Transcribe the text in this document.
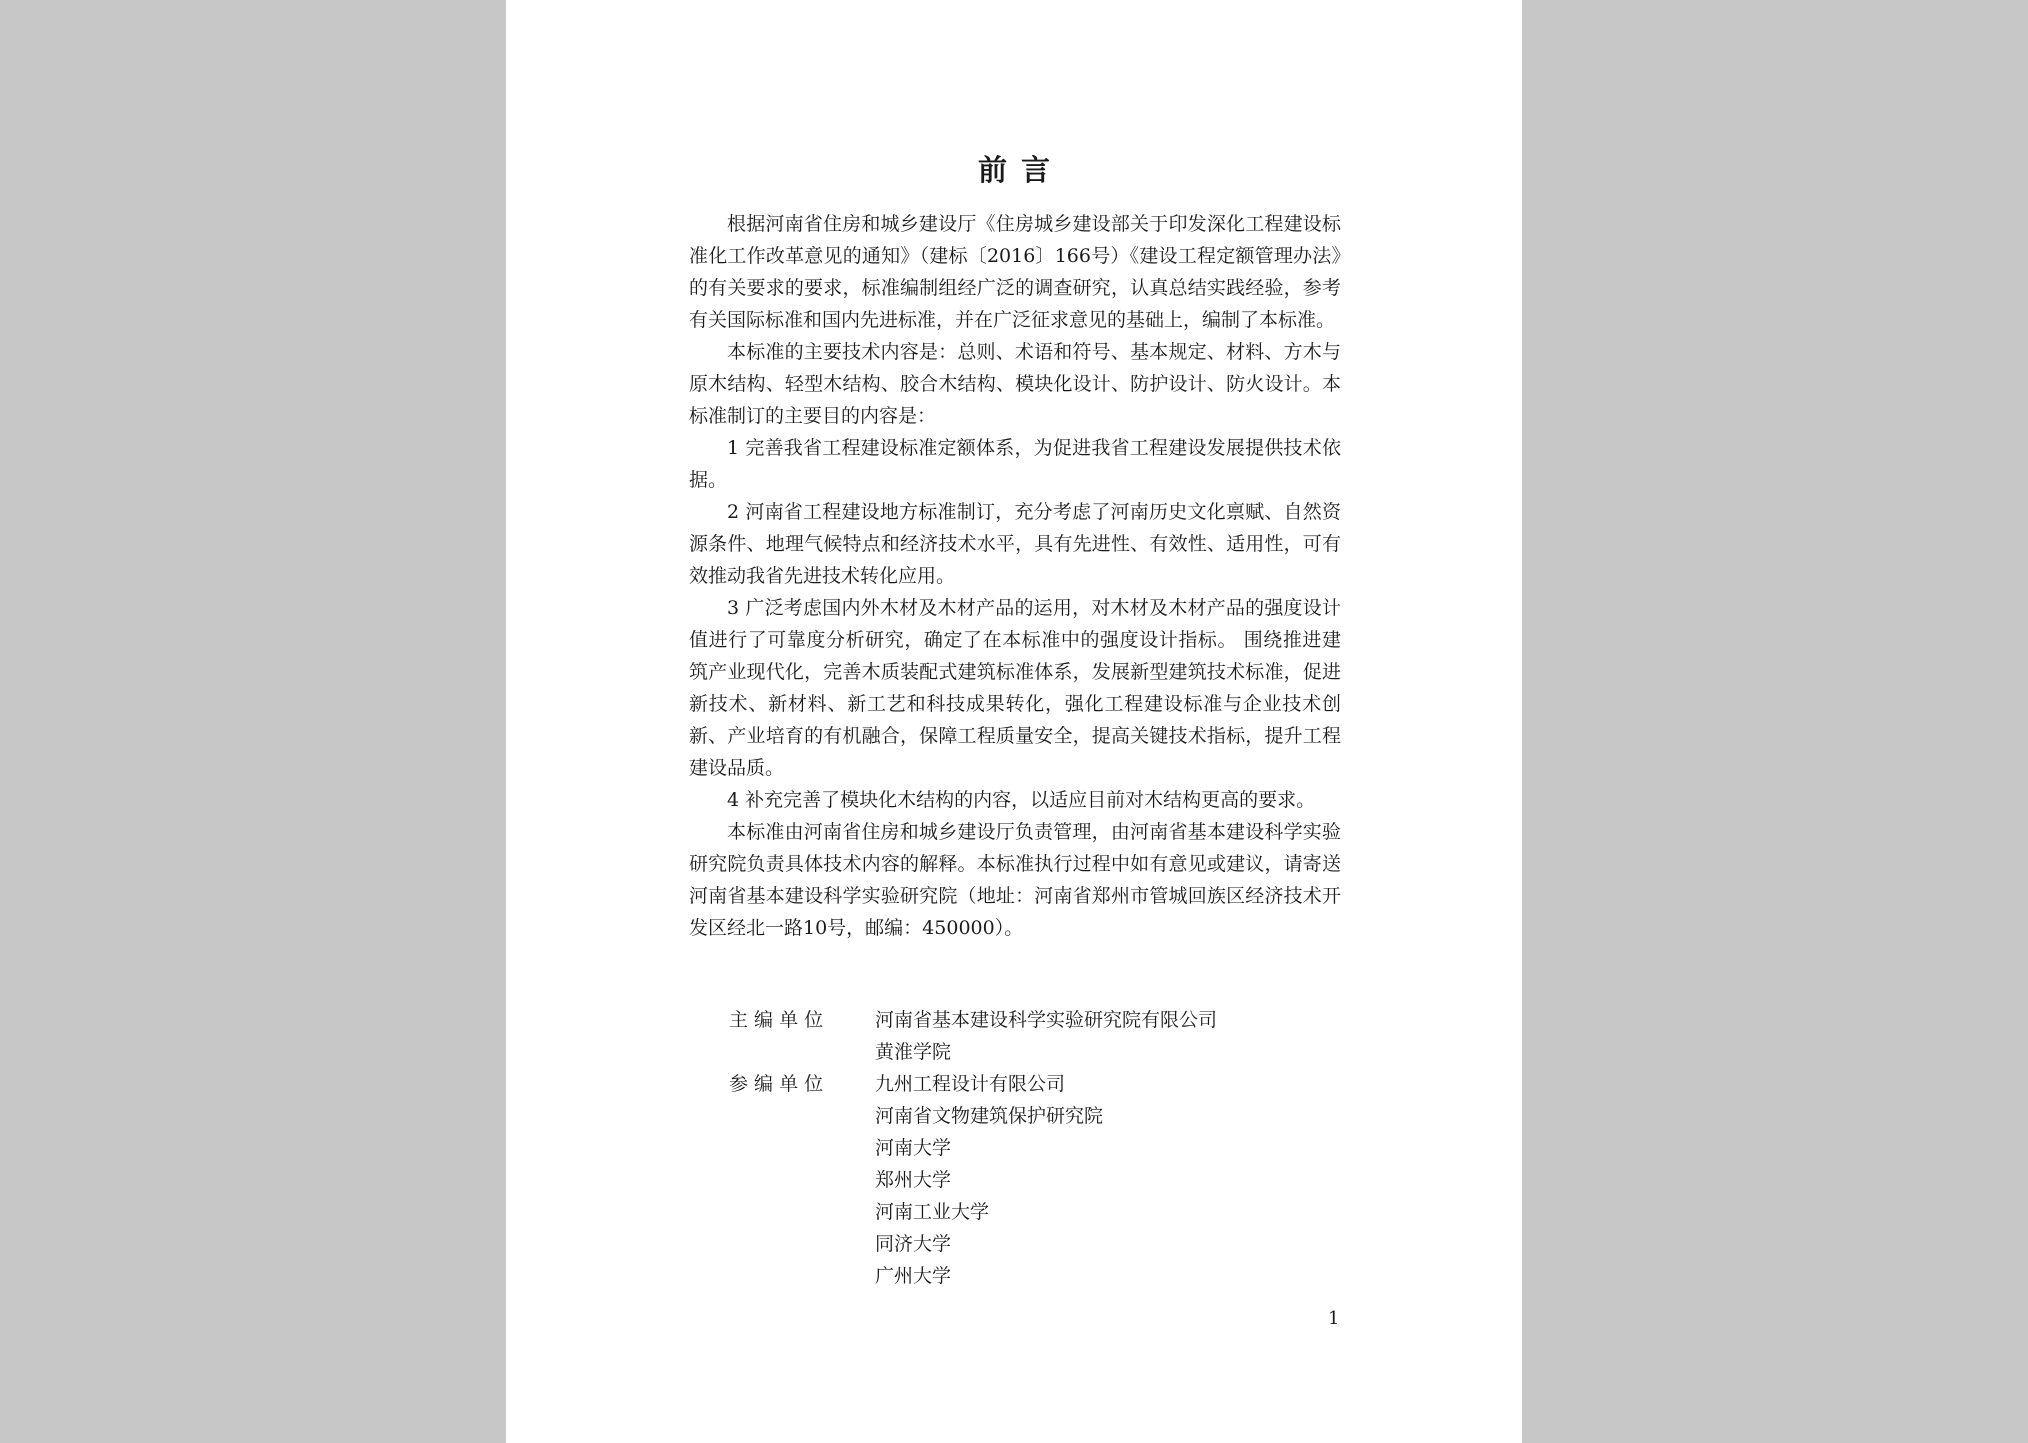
前 言

根据河南省住房和城乡建设厅《住房城乡建设部关于印发深化工程建设标准化工作改革意见的通知》（建标〔2016〕166号）《建设工程定额管理办法》的有关要求的要求，标准编制组经广泛的调查研究，认真总结实践经验，参考有关国际标准和国内先进标准，并在广泛征求意见的基础上，编制了本标准。

本标准的主要技术内容是：总则、术语和符号、基本规定、材料、方木与原木结构、轻型木结构、胶合木结构、模块化设计、防护设计、防火设计。本标准制订的主要目的内容是：

1 完善我省工程建设标准定额体系，为促进我省工程建设发展提供技术依据。

2 河南省工程建设地方标准制订，充分考虑了河南历史文化禀赋、自然资源条件、地理气候特点和经济技术水平，具有先进性、有效性、适用性，可有效推动我省先进技术转化应用。

3 广泛考虑国内外木材及木材产品的运用，对木材及木材产品的强度设计值进行了可靠度分析研究，确定了在本标准中的强度设计指标。 围绕推进建筑产业现代化，完善木质装配式建筑标准体系，发展新型建筑技术标准，促进新技术、新材料、新工艺和科技成果转化，强化工程建设标准与企业技术创新、产业培育的有机融合，保障工程质量安全，提高关键技术指标，提升工程建设品质。

4 补充完善了模块化木结构的内容，以适应目前对木结构更高的要求。

本标准由河南省住房和城乡建设厅负责管理，由河南省基本建设科学实验研究院负责具体技术内容的解释。本标准执行过程中如有意见或建议，请寄送河南省基本建设科学实验研究院（地址：河南省郑州市管城回族区经济技术开发区经北一路10号，邮编：450000）。

主 编 单 位	河南省基本建设科学实验研究院有限公司
黄淮学院
参 编 单 位	九州工程设计有限公司
河南省文物建筑保护研究院
河南大学
郑州大学
河南工业大学
同济大学
广州大学
1
